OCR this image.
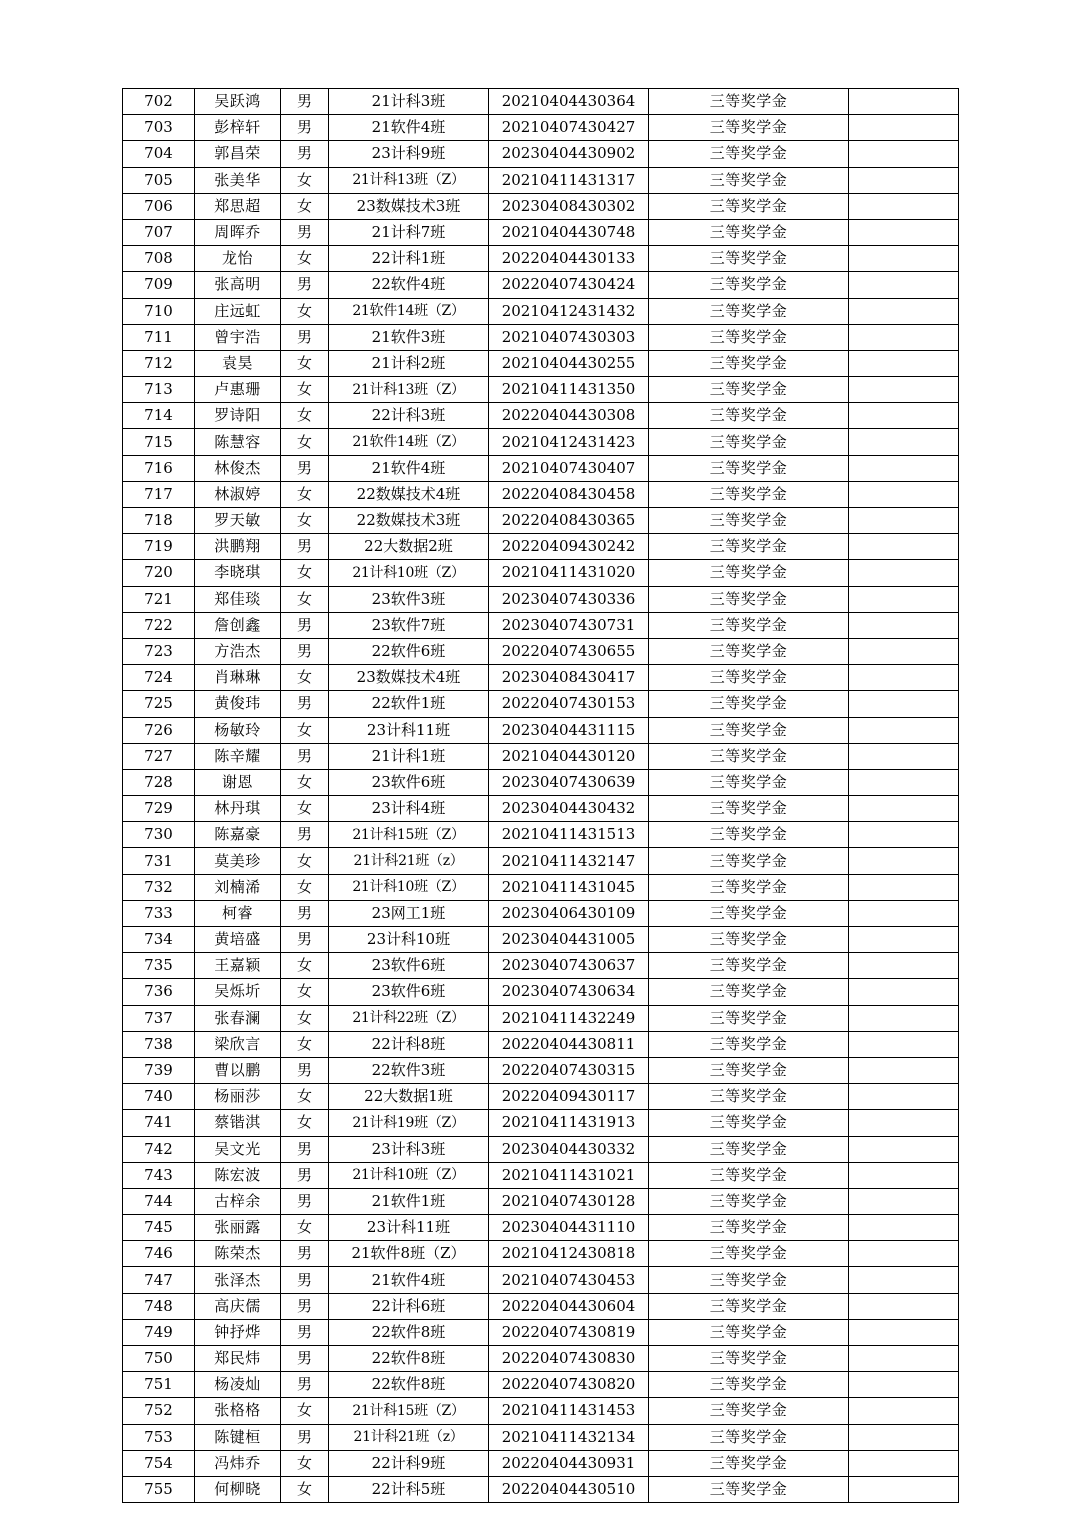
702	吴跃鸿	男	21计科3班	20210404430364	三等奖学金	
703	彭梓轩	男	21软件4班	20210407430427	三等奖学金	
704	郭昌荣	男	23计科9班	20230404430902	三等奖学金	
705	张美华	女	21计科13班（Z）	20210411431317	三等奖学金	
706	郑思超	女	23数媒技术3班	20230408430302	三等奖学金	
707	周晖乔	男	21计科7班	20210404430748	三等奖学金	
708	龙怡	女	22计科1班	20220404430133	三等奖学金	
709	张高明	男	22软件4班	20220407430424	三等奖学金	
710	庄远虹	女	21软件14班（Z）	20210412431432	三等奖学金	
711	曾宇浩	男	21软件3班	20210407430303	三等奖学金	
712	袁昊	女	21计科2班	20210404430255	三等奖学金	
713	卢惠珊	女	21计科13班（Z）	20210411431350	三等奖学金	
714	罗诗阳	女	22计科3班	20220404430308	三等奖学金	
715	陈慧容	女	21软件14班（Z）	20210412431423	三等奖学金	
716	林俊杰	男	21软件4班	20210407430407	三等奖学金	
717	林淑婷	女	22数媒技术4班	20220408430458	三等奖学金	
718	罗天敏	女	22数媒技术3班	20220408430365	三等奖学金	
719	洪鹏翔	男	22大数据2班	20220409430242	三等奖学金	
720	李晓琪	女	21计科10班（Z）	20210411431020	三等奖学金	
721	郑佳琰	女	23软件3班	20230407430336	三等奖学金	
722	詹创鑫	男	23软件7班	20230407430731	三等奖学金	
723	方浩杰	男	22软件6班	20220407430655	三等奖学金	
724	肖琳琳	女	23数媒技术4班	20230408430417	三等奖学金	
725	黄俊玮	男	22软件1班	20220407430153	三等奖学金	
726	杨敏玲	女	23计科11班	20230404431115	三等奖学金	
727	陈辛耀	男	21计科1班	20210404430120	三等奖学金	
728	谢恩	女	23软件6班	20230407430639	三等奖学金	
729	林丹琪	女	23计科4班	20230404430432	三等奖学金	
730	陈嘉豪	男	21计科15班（Z）	20210411431513	三等奖学金	
731	莫美珍	女	21计科21班（z）	20210411432147	三等奖学金	
732	刘楠浠	女	21计科10班（Z）	20210411431045	三等奖学金	
733	柯睿	男	23网工1班	20230406430109	三等奖学金	
734	黄培盛	男	23计科10班	20230404431005	三等奖学金	
735	王嘉颖	女	23软件6班	20230407430637	三等奖学金	
736	吴烁圻	女	23软件6班	20230407430634	三等奖学金	
737	张春澜	女	21计科22班（Z）	20210411432249	三等奖学金	
738	梁欣言	女	22计科8班	20220404430811	三等奖学金	
739	曹以鹏	男	22软件3班	20220407430315	三等奖学金	
740	杨丽莎	女	22大数据1班	20220409430117	三等奖学金	
741	蔡锴淇	女	21计科19班（Z）	20210411431913	三等奖学金	
742	吴文光	男	23计科3班	20230404430332	三等奖学金	
743	陈宏波	男	21计科10班（Z）	20210411431021	三等奖学金	
744	古梓余	男	21软件1班	20210407430128	三等奖学金	
745	张丽露	女	23计科11班	20230404431110	三等奖学金	
746	陈荣杰	男	21软件8班（Z）	20210412430818	三等奖学金	
747	张泽杰	男	21软件4班	20210407430453	三等奖学金	
748	高庆儒	男	22计科6班	20220404430604	三等奖学金	
749	钟抒烨	男	22软件8班	20220407430819	三等奖学金	
750	郑民炜	男	22软件8班	20220407430830	三等奖学金	
751	杨凌灿	男	22软件8班	20220407430820	三等奖学金	
752	张格格	女	21计科15班（Z）	20210411431453	三等奖学金	
753	陈键桓	男	21计科21班（z）	20210411432134	三等奖学金	
754	冯炜乔	女	22计科9班	20220404430931	三等奖学金	
755	何柳晓	女	22计科5班	20220404430510	三等奖学金	
